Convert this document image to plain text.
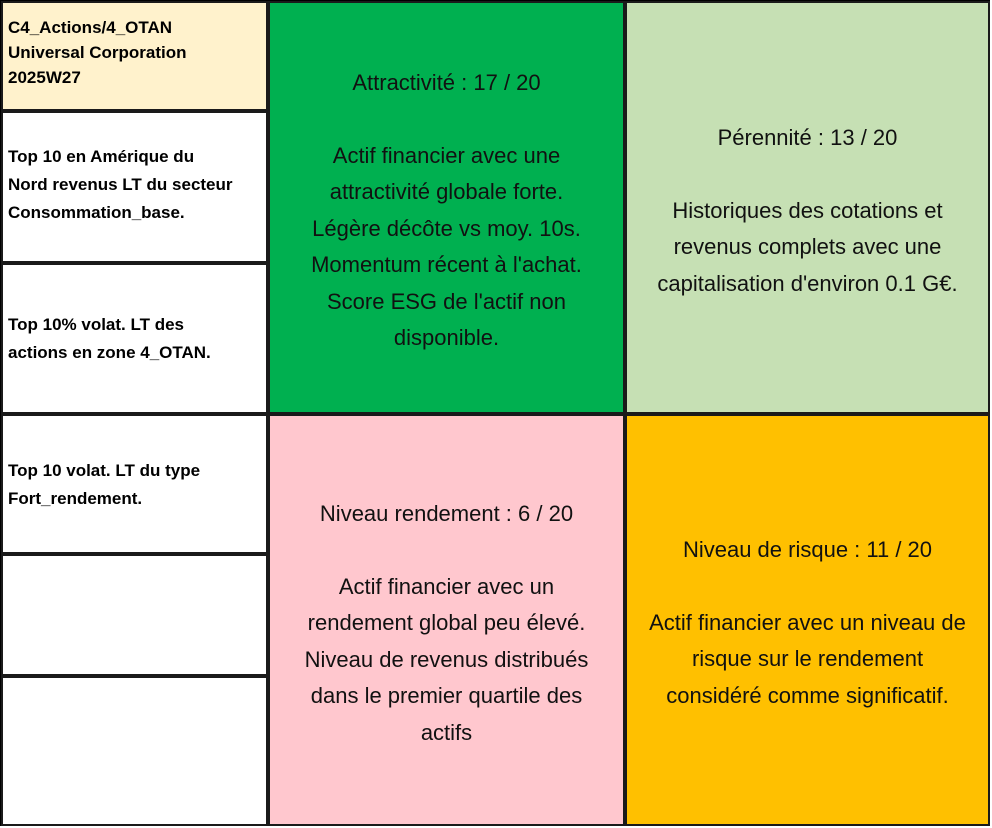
C4_Actions/4_OTAN
Universal Corporation
2025W27
Top 10 en Amérique du
Nord revenus LT du secteur
Consommation_base.
Top 10% volat. LT des
actions en zone 4_OTAN.
Top 10 volat. LT du type
Fort_rendement.

Attractivité : 17 / 20

Actif financier avec une

attractivité globale forte.

Légère décôte vs moy. 10s.

Momentum récent à l'achat.

Score ESG de l'actif non

disponible.

Pérennité : 13 / 20

Historiques des cotations et

revenus complets avec une

capitalisation d'environ 0.1 G€.

Niveau rendement : 6 / 20

Actif financier avec un

rendement global peu élevé.

Niveau de revenus distribués

dans le premier quartile des

actifs

Niveau de risque : 11 / 20

Actif financier avec un niveau de

risque sur le rendement

considéré comme significatif.
